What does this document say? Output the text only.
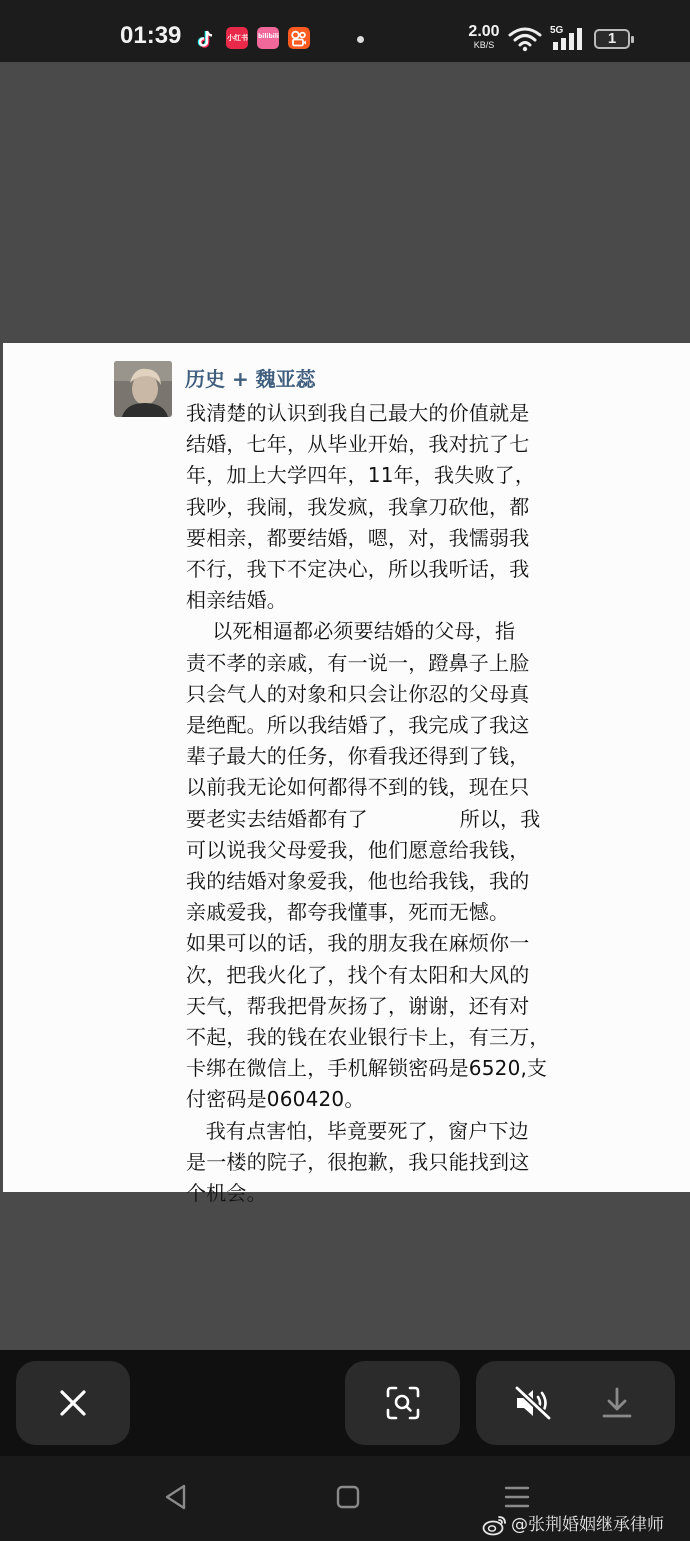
01:39	小红书 bilibili	2.00
KB/S
5G	1
历史 + 魏亚蕊

我清楚的认识到我自己最大的价值就是
结婚，七年，从毕业开始，我对抗了七
年，加上大学四年，11年，我失败了，
我吵，我闹，我发疯，我拿刀砍他，都
要相亲，都要结婚，嗯，对，我懦弱我
不行，我下不定决心，所以我听话，我
相亲结婚。

以死相逼都必须要结婚的父母，指
责不孝的亲戚，有一说一，蹬鼻子上脸
只会气人的对象和只会让你忍的父母真
是绝配。所以我结婚了，我完成了我这
辈子最大的任务，你看我还得到了钱，
以前我无论如何都得不到的钱，现在只
要老实去结婚都有了              所以，我
可以说我父母爱我，他们愿意给我钱，
我的结婚对象爱我，他也给我钱，我的
亲戚爱我，都夸我懂事，死而无憾。

如果可以的话，我的朋友我在麻烦你一
次，把我火化了，找个有太阳和大风的
天气，帮我把骨灰扬了，谢谢，还有对
不起，我的钱在农业银行卡上，有三万，
卡绑在微信上，手机解锁密码是6520,支
付密码是060420。

我有点害怕，毕竟要死了，窗户下边
是一楼的院子，很抱歉，我只能找到这
个机会。

@张荆婚姻继承律师
